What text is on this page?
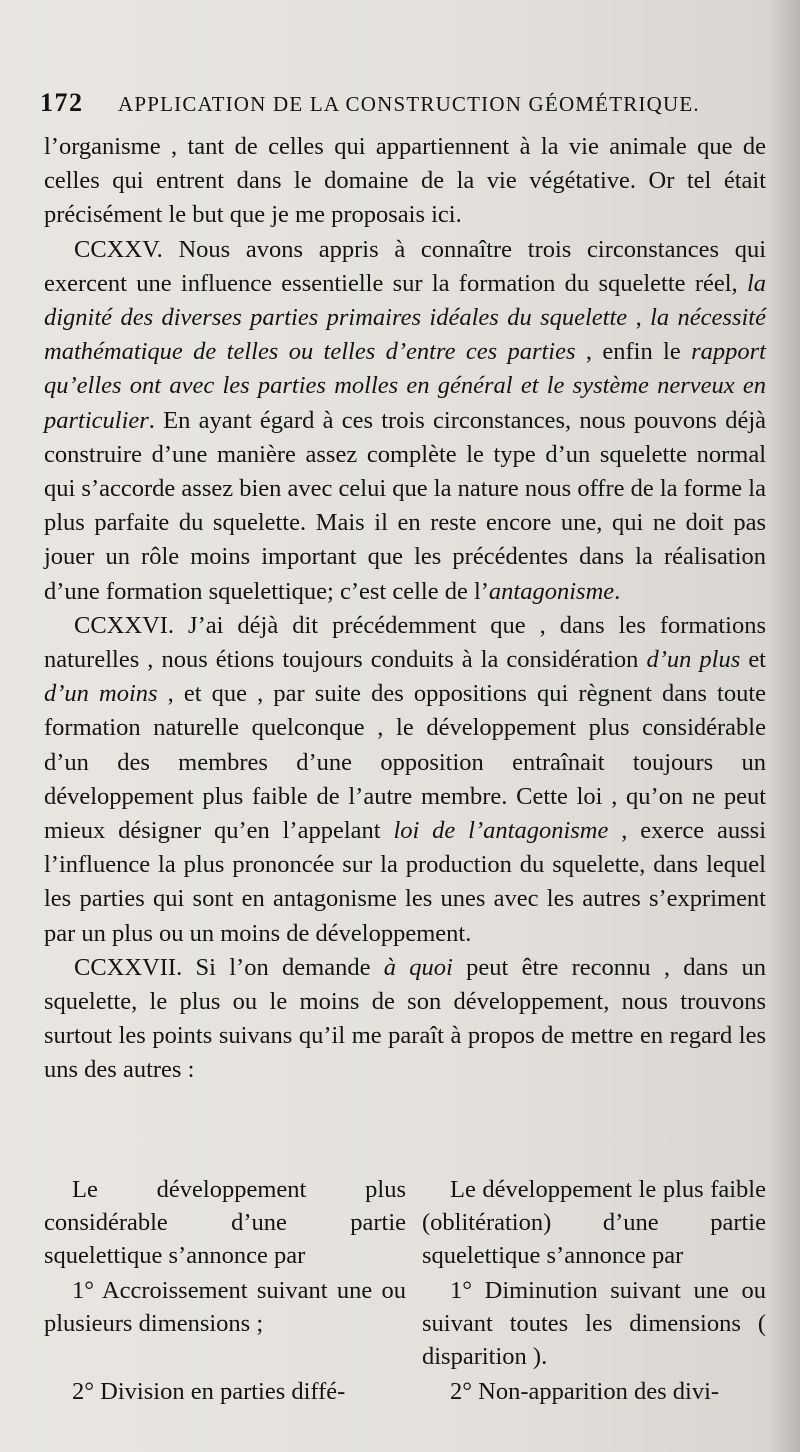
172 APPLICATION DE LA CONSTRUCTION GÉOMÉTRIQUE.

l’organisme , tant de celles qui appartiennent à la vie animale que de celles qui entrent dans le domaine de la vie végétative. Or tel était précisément le but que je me proposais ici.

CCXXV. Nous avons appris à connaître trois circonstances qui exercent une influence essentielle sur la formation du squelette réel, la dignité des diverses parties primaires idéales du squelette , la nécessité mathématique de telles ou telles d’entre ces parties , enfin le rapport qu’elles ont avec les parties molles en général et le système nerveux en particulier. En ayant égard à ces trois circonstances, nous pouvons déjà construire d’une manière assez complète le type d’un squelette normal qui s’accorde assez bien avec celui que la nature nous offre de la forme la plus parfaite du squelette. Mais il en reste encore une, qui ne doit pas jouer un rôle moins important que les précédentes dans la réalisation d’une formation squelettique; c’est celle de l’antagonisme.

CCXXVI. J’ai déjà dit précédemment que , dans les formations naturelles , nous étions toujours conduits à la considération d’un plus et d’un moins , et que , par suite des oppositions qui règnent dans toute formation naturelle quelconque , le développement plus considérable d’un des membres d’une opposition entraînait toujours un développement plus faible de l’autre membre. Cette loi , qu’on ne peut mieux désigner qu’en l’appelant loi de l’antagonisme , exerce aussi l’influence la plus prononcée sur la production du squelette, dans lequel les parties qui sont en antagonisme les unes avec les autres s’expriment par un plus ou un moins de développement.

CCXXVII. Si l’on demande à quoi peut être reconnu , dans un squelette, le plus ou le moins de son développement, nous trouvons surtout les points suivans qu’il me paraît à propos de mettre en regard les uns des autres :

Le développement plus considérable d’une partie squelettique s’annonce par

1° Accroissement suivant une ou plusieurs dimensions ;

2° Division en parties diffé-

Le développement le plus faible (oblitération) d’une partie squelettique s’annonce par

1° Diminution suivant une ou suivant toutes les dimensions ( disparition ).

2° Non-apparition des divi-
